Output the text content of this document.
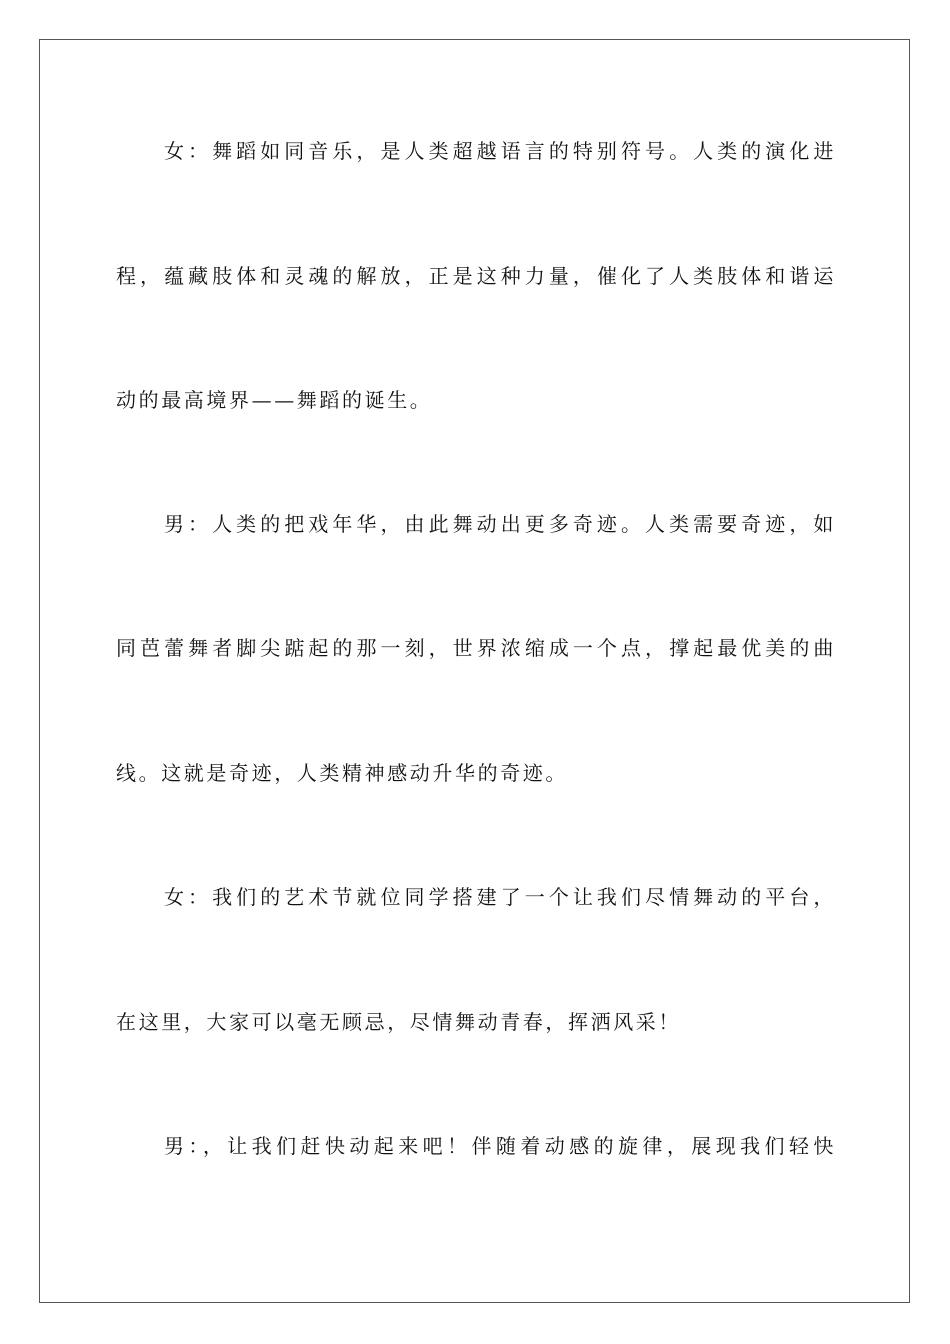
女：舞蹈如同音乐，是人类超越语言的特别符号。人类的演化进
程，蕴藏肢体和灵魂的解放，正是这种力量，催化了人类肢体和谐运
动的最高境界——舞蹈的诞生。
男：人类的把戏年华，由此舞动出更多奇迹。人类需要奇迹，如
同芭蕾舞者脚尖踮起的那一刻，世界浓缩成一个点，撑起最优美的曲
线。这就是奇迹，人类精神感动升华的奇迹。
女：我们的艺术节就位同学搭建了一个让我们尽情舞动的平台，
在这里，大家可以毫无顾忌，尽情舞动青春，挥洒风采！
男：，让我们赶快动起来吧！伴随着动感的旋律，展现我们轻快
